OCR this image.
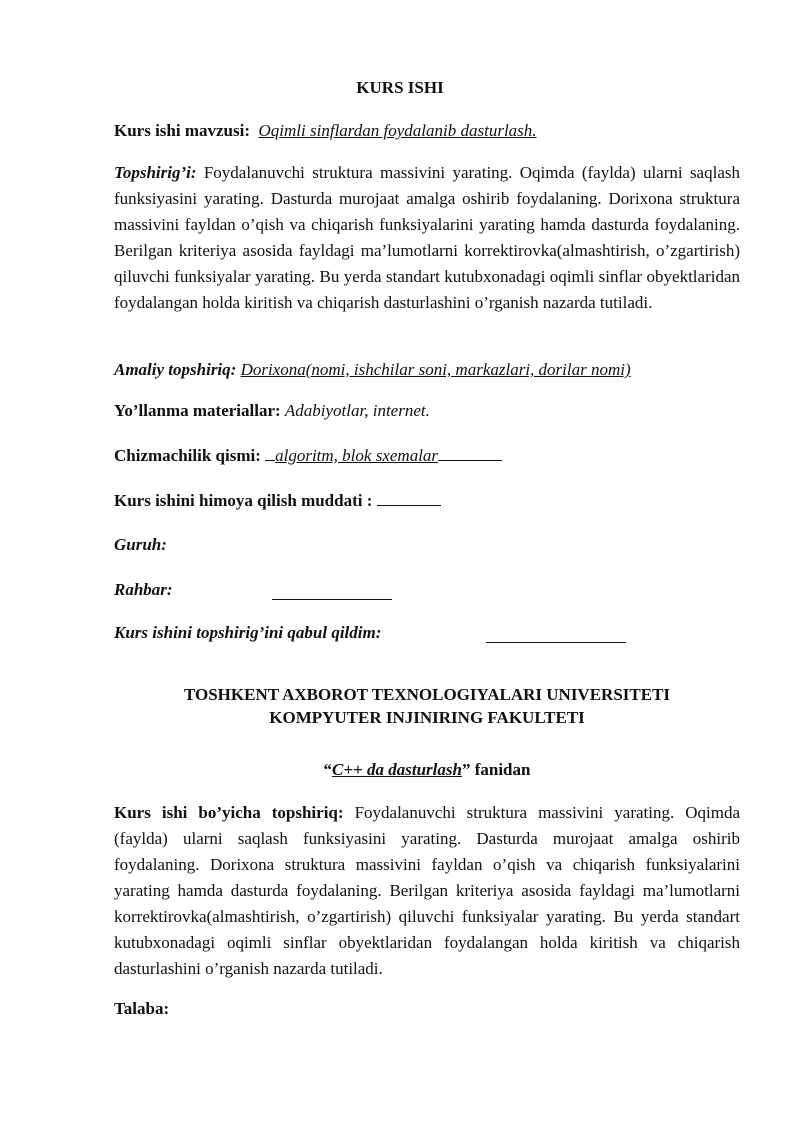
KURS ISHI
Kurs ishi mavzusi: Oqimli sinflardan foydalanib dasturlash.
Topshirig’i: Foydalanuvchi struktura massivini yarating. Oqimda (faylda) ularni saqlash funksiyasini yarating. Dasturda murojaat amalga oshirib foydalaning. Dorixona struktura massivini fayldan o’qish va chiqarish funksiyalarini yarating hamda dasturda foydalaning. Berilgan kriteriya asosida fayldagi ma’lumotlarni korrektirovka(almashtirish, o’zgartirish) qiluvchi funksiyalar yarating. Bu yerda standart kutubxonadagi oqimli sinflar obyektlaridan foydalangan holda kiritish va chiqarish dasturlashini o’rganish nazarda tutiladi.
Amaliy topshiriq: Dorixona(nomi, ishchilar soni, markazlari, dorilar nomi)
Yo’llanma materiallar: Adabiyotlar, internet.
Chizmachilik qismi: algoritm, blok sxemalar
Kurs ishini himoya qilish muddati :
Guruh:
Rahbar:
Kurs ishini topshirig’ini qabul qildim:
TOSHKENT AXBOROT TEXNOLOGIYALARI UNIVERSITETI
KOMPYUTER INJINIRING FAKULTETI
“C++ da dasturlash” fanidan
Kurs ishi bo’yicha topshiriq: Foydalanuvchi struktura massivini yarating. Oqimda (faylda) ularni saqlash funksiyasini yarating. Dasturda murojaat amalga oshirib foydalaning. Dorixona struktura massivini fayldan o’qish va chiqarish funksiyalarini yarating hamda dasturda foydalaning. Berilgan kriteriya asosida fayldagi ma’lumotlarni korrektirovka(almashtirish, o’zgartirish) qiluvchi funksiyalar yarating. Bu yerda standart kutubxonadagi oqimli sinflar obyektlaridan foydalangan holda kiritish va chiqarish dasturlashini o’rganish nazarda tutiladi.
Talaba:
